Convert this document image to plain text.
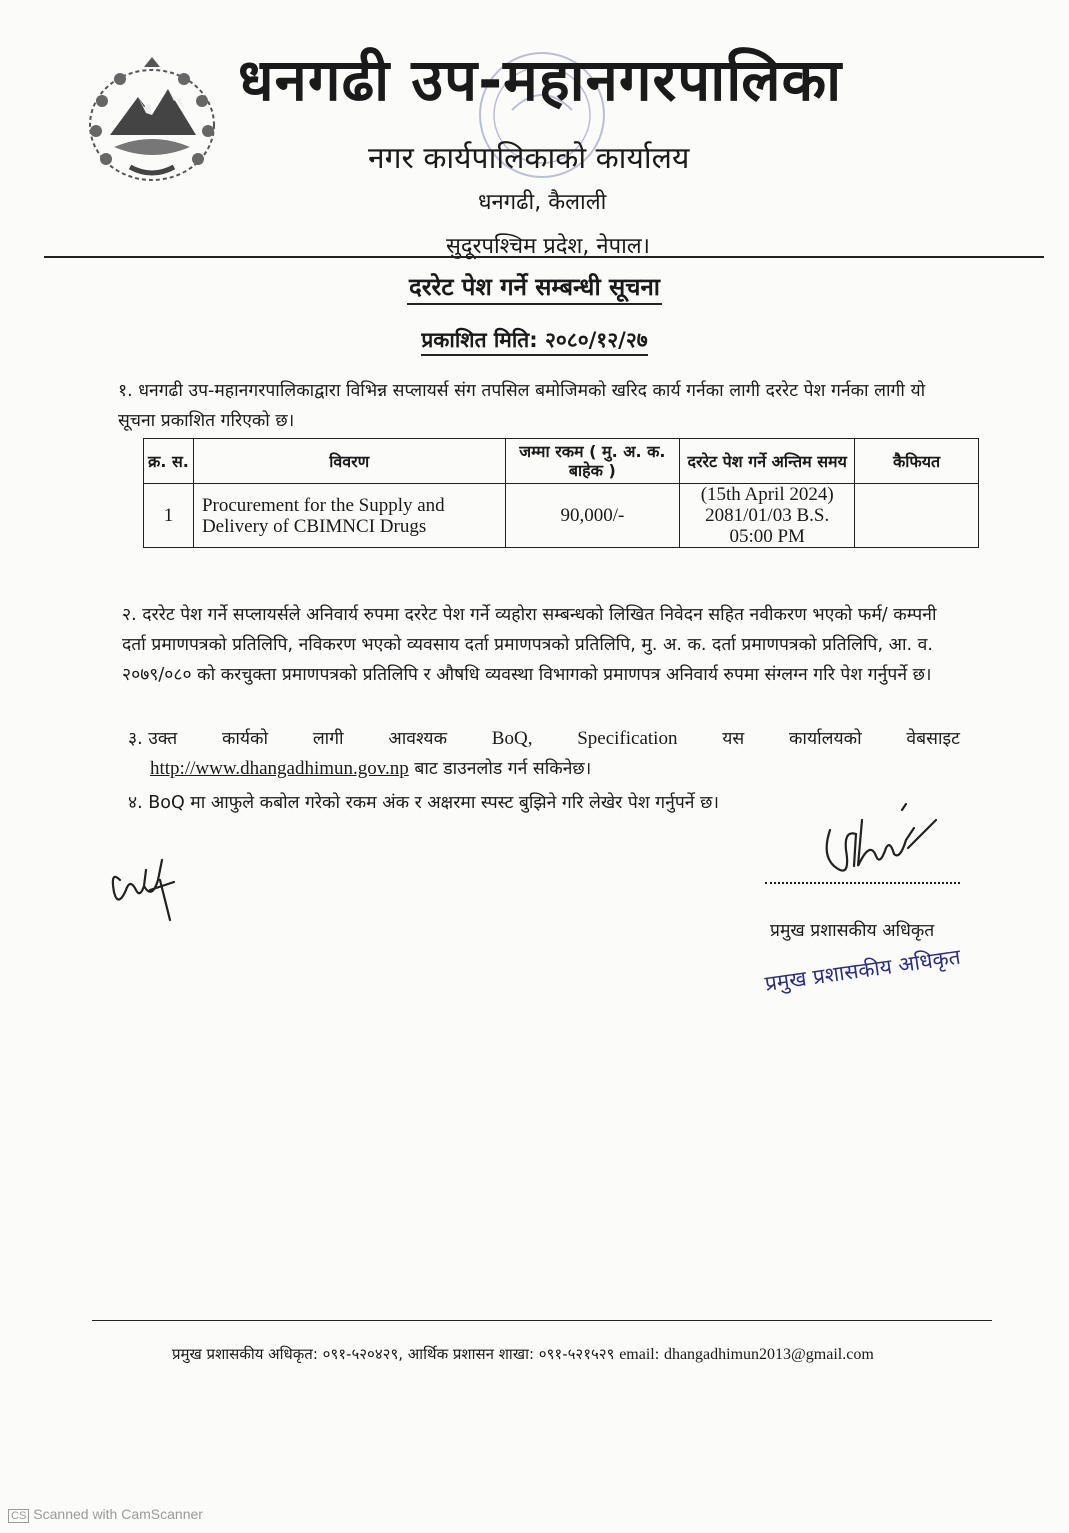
धनगढी उप-महानगरपालिका
नगर कार्यपालिकाको कार्यालय
धनगढी, कैलाली
सुदूरपश्चिम प्रदेश, नेपाल।
दररेट पेश गर्ने सम्बन्धी सूचना
प्रकाशित मिति: २०८०/१२/२७
१. धनगढी उप-महानगरपालिकाद्वारा विभिन्न सप्लायर्स संग तपसिल बमोजिमको खरिद कार्य गर्नका लागी दररेट पेश गर्नका लागी यो सूचना प्रकाशित गरिएको छ।
क्र. स.	विवरण	जम्मा रकम ( मु. अ. क. बाहेक )	दररेट पेश गर्ने अन्तिम समय	कैफियत
1	Procurement for the Supply and Delivery of CBIMNCI Drugs	90,000/-	(15th April 2024)
2081/01/03 B.S.
05:00 PM	

२. दररेट पेश गर्ने सप्लायर्सले अनिवार्य रुपमा दररेट पेश गर्ने व्यहोरा सम्बन्धको लिखित निवेदन सहित नवीकरण भएको फर्म/ कम्पनी दर्ता प्रमाणपत्रको प्रतिलिपि, नविकरण भएको व्यवसाय दर्ता प्रमाणपत्रको प्रतिलिपि, मु. अ. क. दर्ता प्रमाणपत्रको प्रतिलिपि, आ. व. २०७९/०८० को करचुक्ता प्रमाणपत्रको प्रतिलिपि र औषधि व्यवस्था विभागको प्रमाणपत्र अनिवार्य रुपमा संग्लग्न गरि पेश गर्नुपर्ने छ।
३. उक्त	कार्यको	लागी	आवश्यक BoQ, Specification	यस	कार्यालयको	वेबसाइट
http://www.dhangadhimun.gov.np बाट डाउनलोड गर्न सकिनेछ।
४. BoQ मा आफुले कबोल गरेको रकम अंक र अक्षरमा स्पस्ट बुझिने गरि लेखेर पेश गर्नुपर्ने छ।
प्रमुख प्रशासकीय अधिकृत
प्रमुख प्रशासकीय अधिकृत
प्रमुख प्रशासकीय अधिकृत: ०९१-५२०४२९, आर्थिक प्रशासन शाखा: ०९१-५२१५२९ email: dhangadhimun2013@gmail.com
CS Scanned with CamScanner
